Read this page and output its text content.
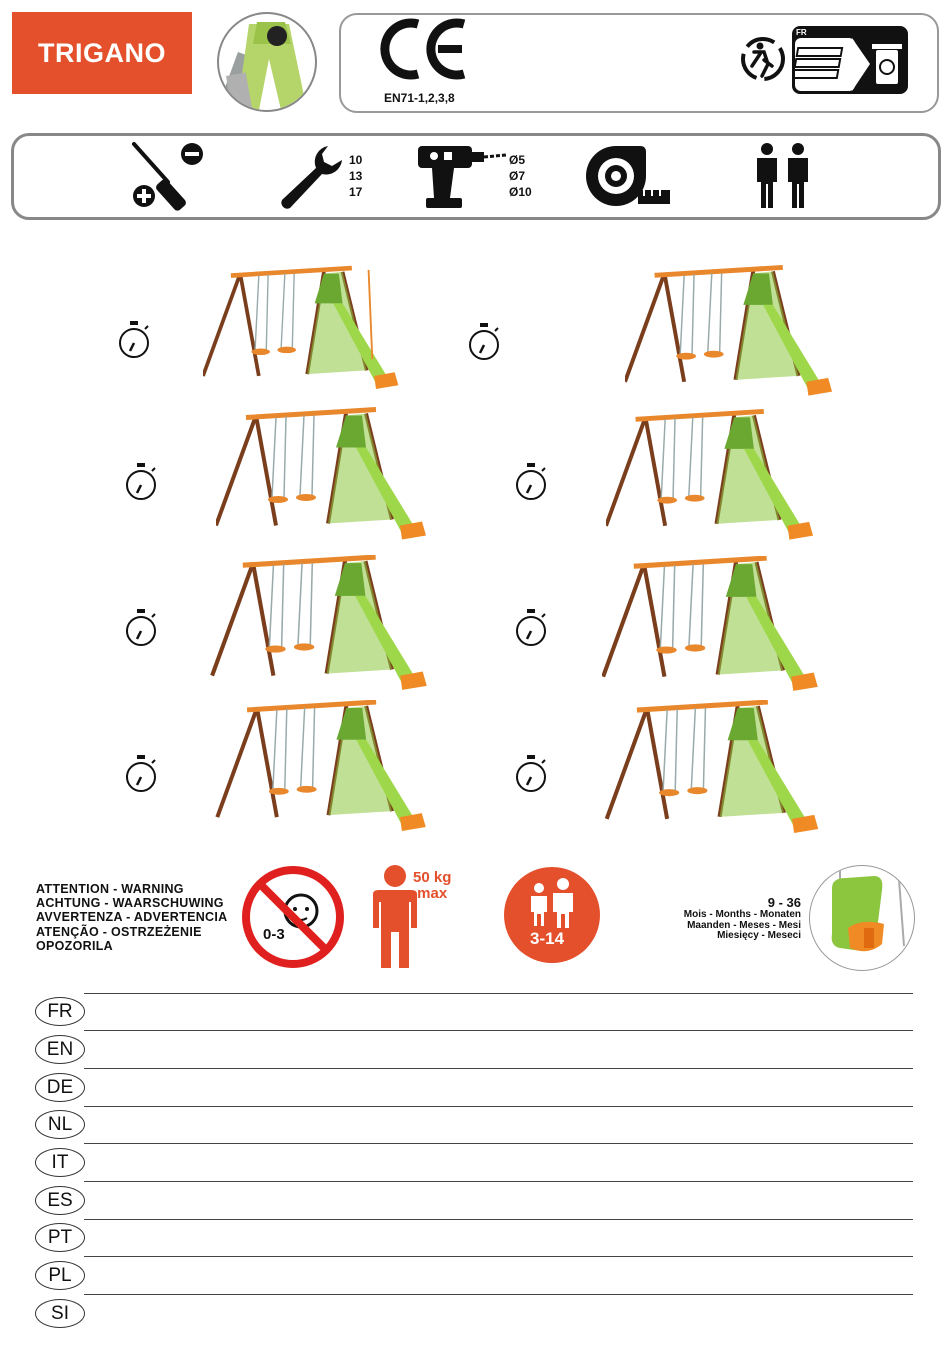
TRIGANO
EN71-1,2,3,8
FR
10
13
17
Ø5
Ø7
Ø10
ATTENTION - WARNING
ACHTUNG - WAARSCHUWING
AVVERTENZA - ADVERTENCIA
ATENÇÃO - OSTRZEŻENIE
OPOZORILA
0-3
50 kg
max
3-14
9 - 36
Mois - Months - Monaten
Maanden - Meses - Mesi
Miesięcy - Meseci
FR
EN
DE
NL
IT
ES
PT
PL
SI
